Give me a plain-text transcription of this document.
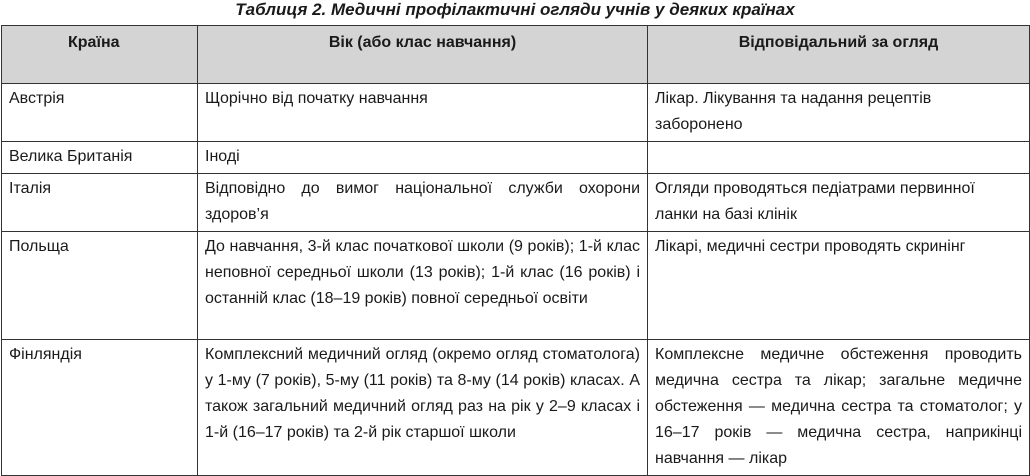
Таблиця 2. Медичні профілактичні огляди учнів у деяких країнах
Країна	Вік (або клас навчання)	Відповідальний за огляд
Австрія	Щорічно від початку навчання	Лікар. Лікування та надання рецептів заборонено
Велика Британія	Іноді	
Італія	Відповідно до вимог національної служби охорони здоров’я	Огляди проводяться педіатрами первинної ланки на базі клінік
Польща	До навчання, 3-й клас початкової школи (9 років); 1-й клас неповної середньої школи (13 років); 1-й клас (16 років) і останній клас (18–19 років) повної середньої освіти	Лікарі, медичні сестри проводять скринінг
Фінляндія	Комплексний медичний огляд (окремо огляд стоматолога) у 1-му (7 років), 5-му (11 років) та 8-му (14 років) класах. А також загальний медичний огляд раз на рік у 2–9 класах і 1-й (16–17 років) та 2-й рік старшої школи	Комплексне медичне обстеження проводить медична сестра та лікар; загальне медичне обстеження — медична сестра та стоматолог; у 16–17 років — медична сестра, наприкінці навчання — лікар
